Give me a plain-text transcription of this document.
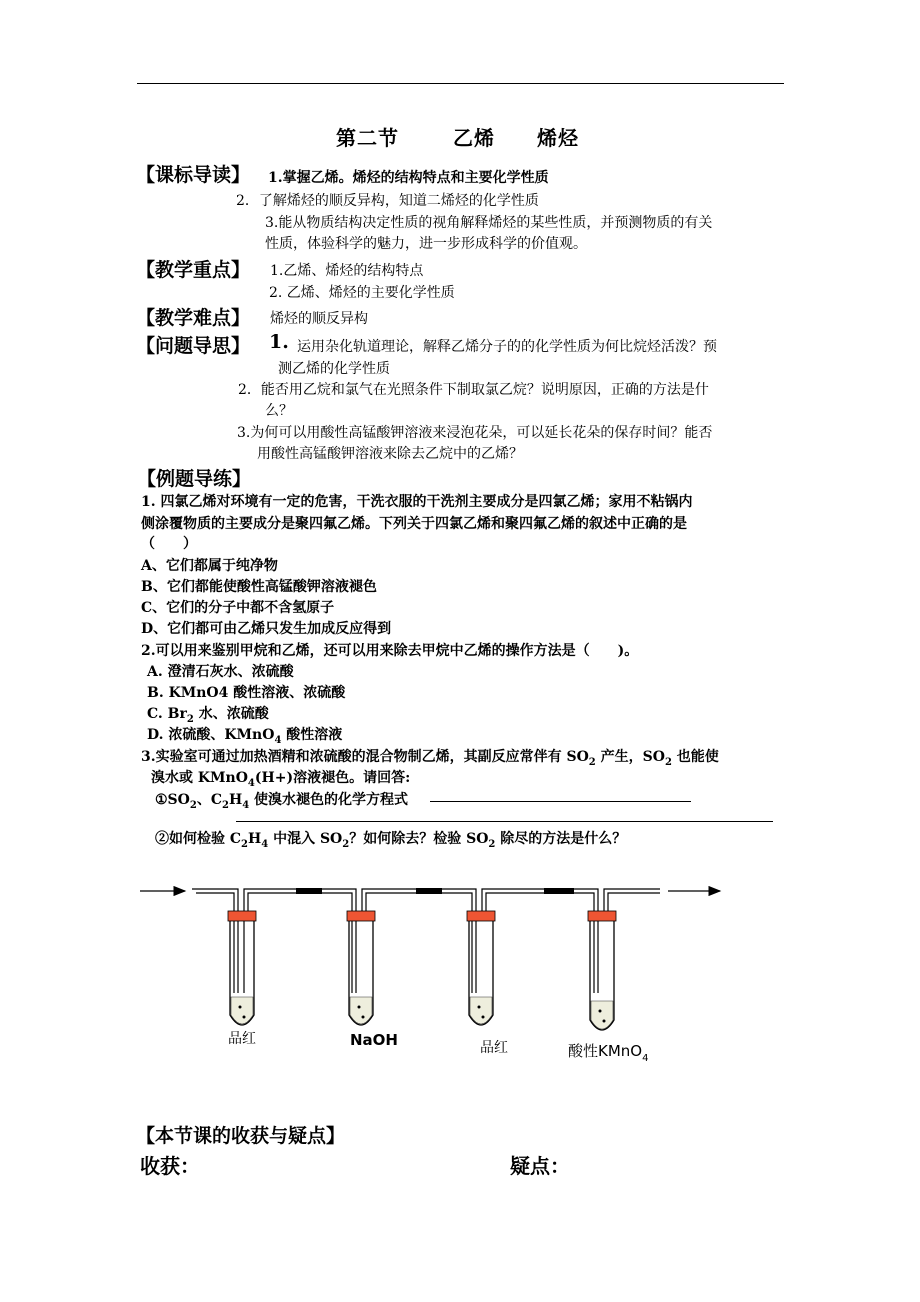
第二节	乙烯 烯烃
【课标导读】 1.掌握乙烯。烯烃的结构特点和主要化学性质
2．了解烯烃的顺反异构，知道二烯烃的化学性质
3.能从物质结构决定性质的视角解释烯烃的某些性质，并预测物质的有关
性质，体验科学的魅力，进一步形成科学的价值观。
【教学重点】 1.乙烯、烯烃的结构特点
2. 乙烯、烯烃的主要化学性质
【教学难点】 烯烃的顺反异构
【问题导思】 1. 运用杂化轨道理论，解释乙烯分子的的化学性质为何比烷烃活泼？预
测乙烯的化学性质
2．能否用乙烷和氯气在光照条件下制取氯乙烷？说明原因，正确的方法是什
么？
3.为何可以用酸性高锰酸钾溶液来浸泡花朵，可以延长花朵的保存时间？能否
用酸性高锰酸钾溶液来除去乙烷中的乙烯？
【例题导练】
1. 四氯乙烯对环境有一定的危害，干洗衣服的干洗剂主要成分是四氯乙烯；家用不粘锅内
侧涂覆物质的主要成分是聚四氟乙烯。下列关于四氯乙烯和聚四氟乙烯的叙述中正确的是
（　　）
A、它们都属于纯净物
B、它们都能使酸性高锰酸钾溶液褪色
C、它们的分子中都不含氢原子
D、它们都可由乙烯只发生加成反应得到
2.可以用来鉴别甲烷和乙烯，还可以用来除去甲烷中乙烯的操作方法是（　　)。
A. 澄清石灰水、浓硫酸
B. KMnO4 酸性溶液、浓硫酸
C. $Br_2$ 水、浓硫酸
D. 浓硫酸、KMnO$_4$ 酸性溶液
3.实验室可通过加热酒精和浓硫酸的混合物制乙烯，其副反应常伴有 $SO_2$ 产生，$SO_2$ 也能使
溴水或 KMnO$_4$(H+)溶液褪色。请回答:
$①SO_2$、$C_2H_4$ 使溴水褪色的化学方程式
②如何检验 $C_2H_4$ 中混入 $SO_2$？如何除去？检验 $SO_2$ 除尽的方法是什么？
品红	NaOH	品红	酸性KMnO$_4$
【本节课的收获与疑点】
收获：	疑点：
